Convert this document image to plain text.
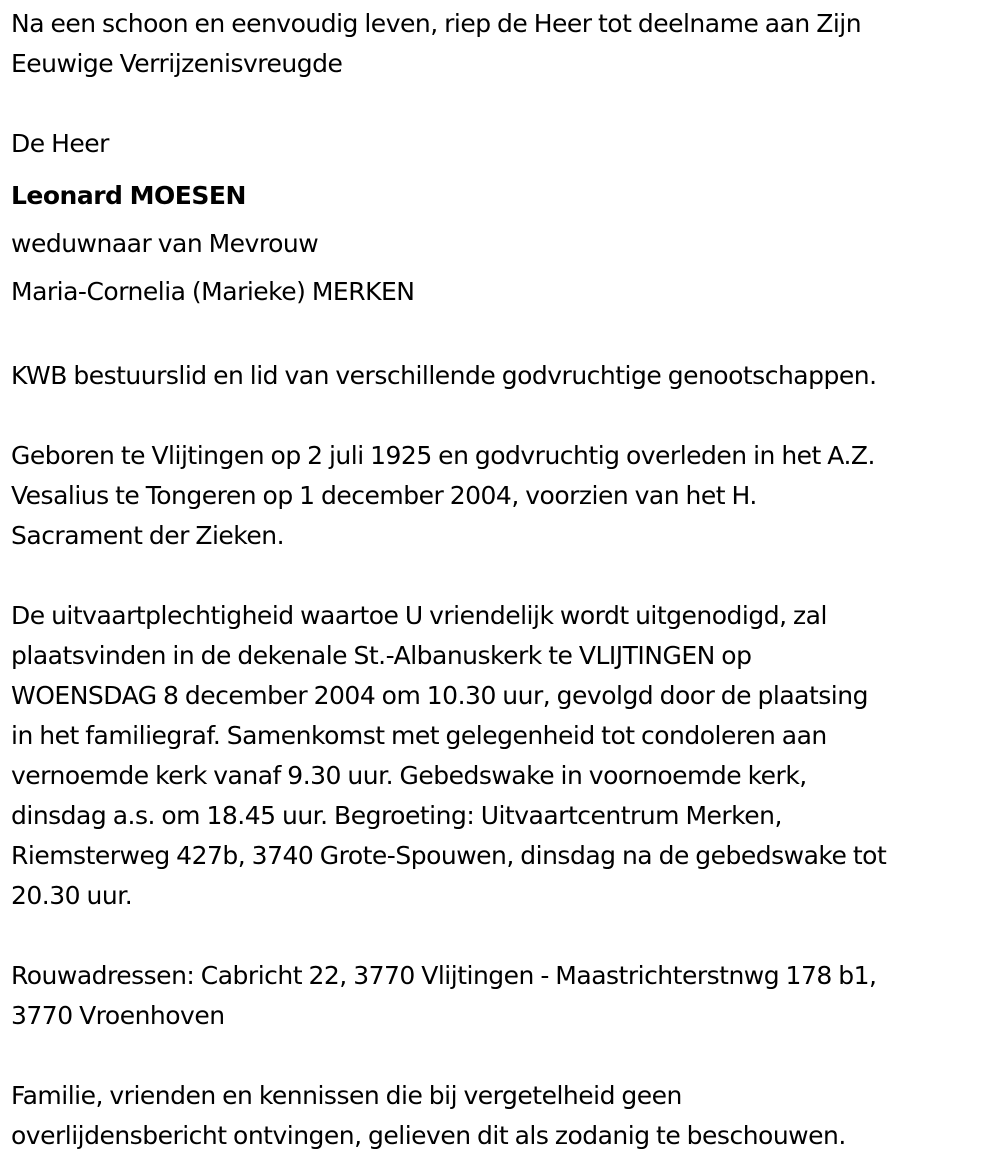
Na een schoon en eenvoudig leven, riep de Heer tot deelname aan Zijn
Eeuwige Verrijzenisvreugde
De Heer
Leonard MOESEN
weduwnaar van Mevrouw
Maria-Cornelia (Marieke) MERKEN
KWB bestuurslid en lid van verschillende godvruchtige genootschappen.
Geboren te Vlijtingen op 2 juli 1925 en godvruchtig overleden in het A.Z.
Vesalius te Tongeren op 1 december 2004, voorzien van het H.
Sacrament der Zieken.
De uitvaartplechtigheid waartoe U vriendelijk wordt uitgenodigd, zal
plaatsvinden in de dekenale St.-Albanuskerk te VLIJTINGEN op
WOENSDAG 8 december 2004 om 10.30 uur, gevolgd door de plaatsing
in het familiegraf. Samenkomst met gelegenheid tot condoleren aan
vernoemde kerk vanaf 9.30 uur. Gebedswake in voornoemde kerk,
dinsdag a.s. om 18.45 uur. Begroeting: Uitvaartcentrum Merken,
Riemsterweg 427b, 3740 Grote-Spouwen, dinsdag na de gebedswake tot
20.30 uur.
Rouwadressen: Cabricht 22, 3770 Vlijtingen - Maastrichterstnwg 178 b1,
3770 Vroenhoven
Familie, vrienden en kennissen die bij vergetelheid geen
overlijdensbericht ontvingen, gelieven dit als zodanig te beschouwen.
